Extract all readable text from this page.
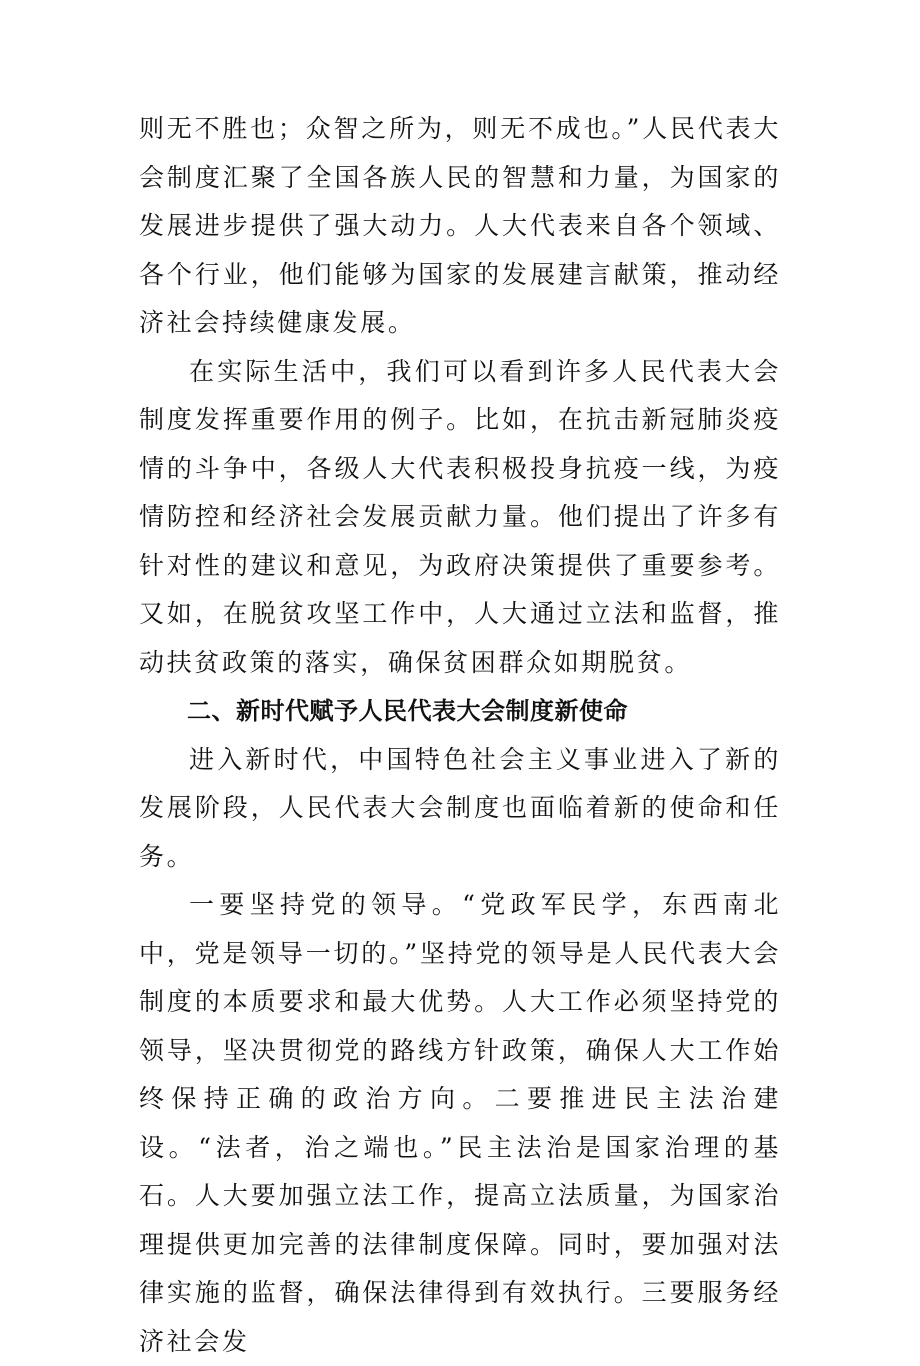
则无不胜也；众智之所为，则无不成也。”人民代表大会制度汇聚了全国各族人民的智慧和力量，为国家的发展进步提供了强大动力。人大代表来自各个领域、各个行业，他们能够为国家的发展建言献策，推动经济社会持续健康发展。

在实际生活中，我们可以看到许多人民代表大会制度发挥重要作用的例子。比如，在抗击新冠肺炎疫情的斗争中，各级人大代表积极投身抗疫一线，为疫情防控和经济社会发展贡献力量。他们提出了许多有针对性的建议和意见，为政府决策提供了重要参考。又如，在脱贫攻坚工作中，人大通过立法和监督，推动扶贫政策的落实，确保贫困群众如期脱贫。

二、新时代赋予人民代表大会制度新使命

进入新时代，中国特色社会主义事业进入了新的发展阶段，人民代表大会制度也面临着新的使命和任务。

一要坚持党的领导。“党政军民学，东西南北中，党是领导一切的。”坚持党的领导是人民代表大会制度的本质要求和最大优势。人大工作必须坚持党的领导，坚决贯彻党的路线方针政策，确保人大工作始终保持正确的政治方向。二要推进民主法治建设。“法者，治之端也。”民主法治是国家治理的基石。人大要加强立法工作，提高立法质量，为国家治理提供更加完善的法律制度保障。同时，要加强对法律实施的监督，确保法律得到有效执行。三要服务经济社会发
